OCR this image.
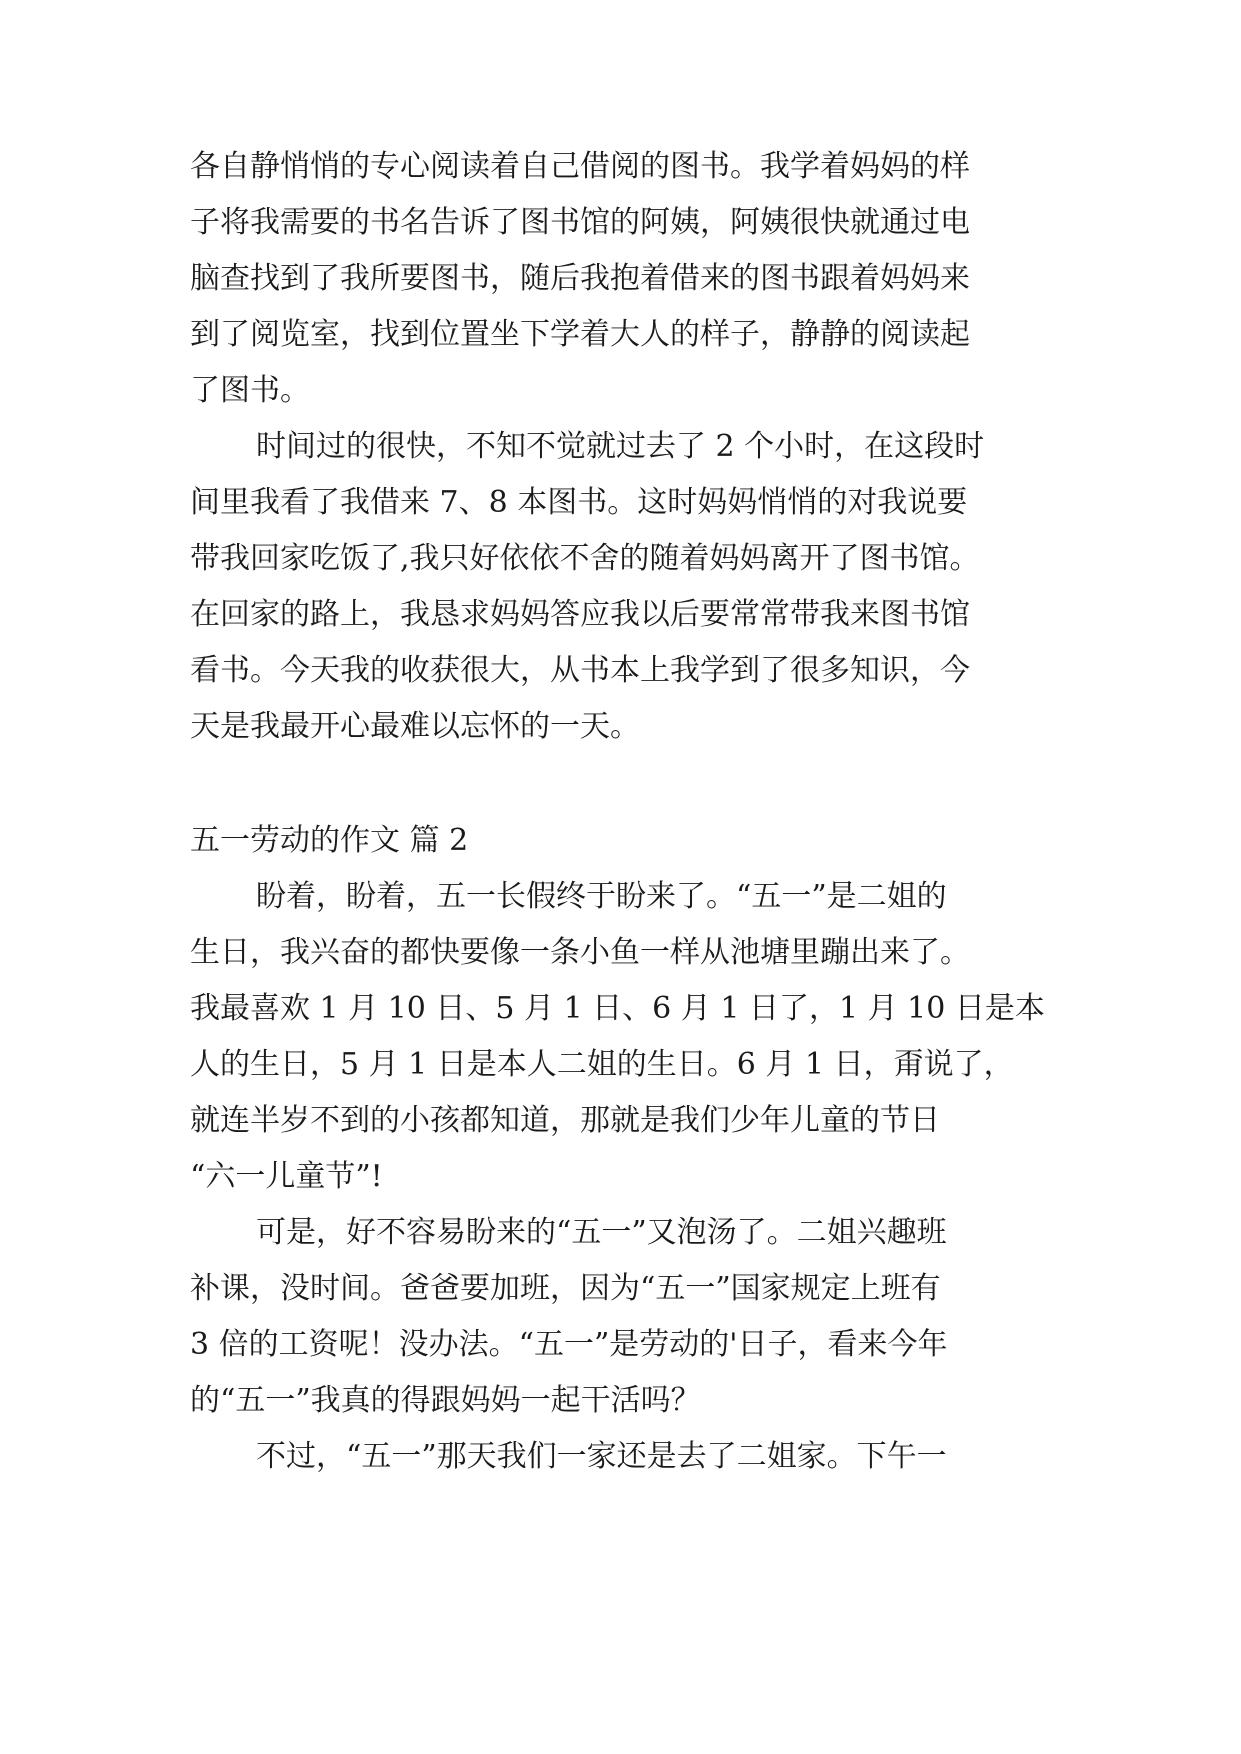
各自静悄悄的专心阅读着自己借阅的图书。我学着妈妈的样
子将我需要的书名告诉了图书馆的阿姨，阿姨很快就通过电
脑查找到了我所要图书，随后我抱着借来的图书跟着妈妈来
到了阅览室，找到位置坐下学着大人的样子，静静的阅读起
了图书。
时间过的很快，不知不觉就过去了 2 个小时，在这段时
间里我看了我借来 7、8 本图书。这时妈妈悄悄的对我说要
带我回家吃饭了,我只好依依不舍的随着妈妈离开了图书馆。
在回家的路上，我恳求妈妈答应我以后要常常带我来图书馆
看书。今天我的收获很大，从书本上我学到了很多知识，今
天是我最开心最难以忘怀的一天。
五一劳动的作文 篇 2
盼着，盼着，五一长假终于盼来了。“五一”是二姐的
生日，我兴奋的都快要像一条小鱼一样从池塘里蹦出来了。
我最喜欢 1 月 10 日、5 月 1 日、6 月 1 日了，1 月 10 日是本
人的生日，5 月 1 日是本人二姐的生日。6 月 1 日，甭说了，
就连半岁不到的小孩都知道，那就是我们少年儿童的节日
“六一儿童节”!
可是，好不容易盼来的“五一”又泡汤了。二姐兴趣班
补课，没时间。爸爸要加班，因为“五一”国家规定上班有
3 倍的工资呢！没办法。“五一”是劳动的'日子，看来今年
的“五一”我真的得跟妈妈一起干活吗？
不过，“五一”那天我们一家还是去了二姐家。下午一
